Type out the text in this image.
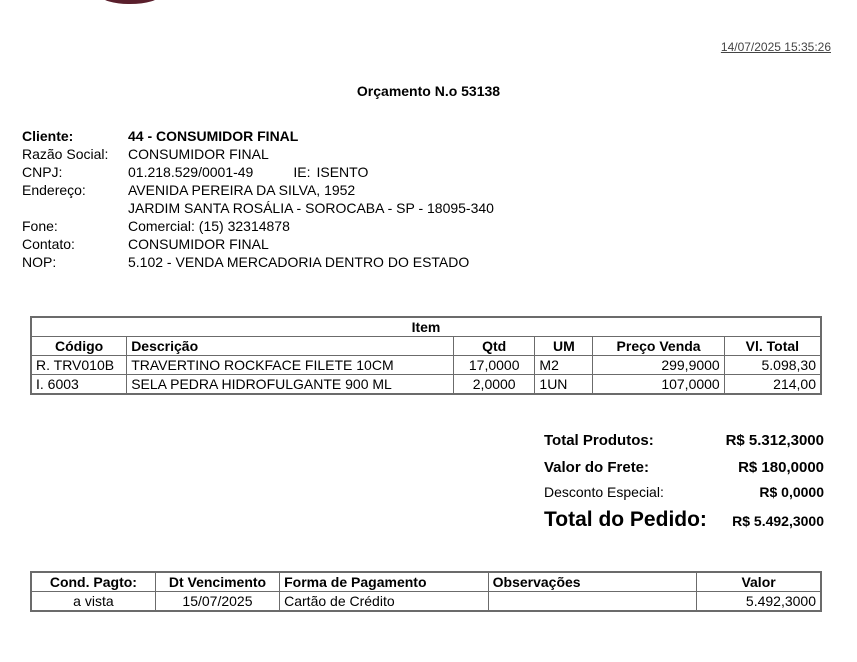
14/07/2025 15:35:26
Orçamento N.o 53138
Cliente:	44 - CONSUMIDOR FINAL
Razão Social:	CONSUMIDOR FINAL
CNPJ:	01.218.529/0001-49	IE: ISENTO
Endereço:	AVENIDA PEREIRA DA SILVA, 1952
JARDIM SANTA ROSÁLIA - SOROCABA - SP - 18095-340
Fone:	Comercial: (15) 32314878
Contato:	CONSUMIDOR FINAL
NOP:	5.102 - VENDA MERCADORIA DENTRO DO ESTADO
Item					
Código	Descrição	Qtd	UM	Preço Venda	Vl. Total
R. TRV010B	TRAVERTINO ROCKFACE FILETE 10CM	17,0000	M2	299,9000	5.098,30
I. 6003	SELA PEDRA HIDROFULGANTE 900 ML	2,0000	1UN	107,0000	214,00
Total Produtos:	R$ 5.312,3000
Valor do Frete:	R$ 180,0000
Desconto Especial:	R$ 0,0000
Total do Pedido: R$ 5.492,3000
Cond. Pagto:	Dt Vencimento	Forma de Pagamento	Observações	Valor
a vista	15/07/2025	Cartão de Crédito		5.492,3000
